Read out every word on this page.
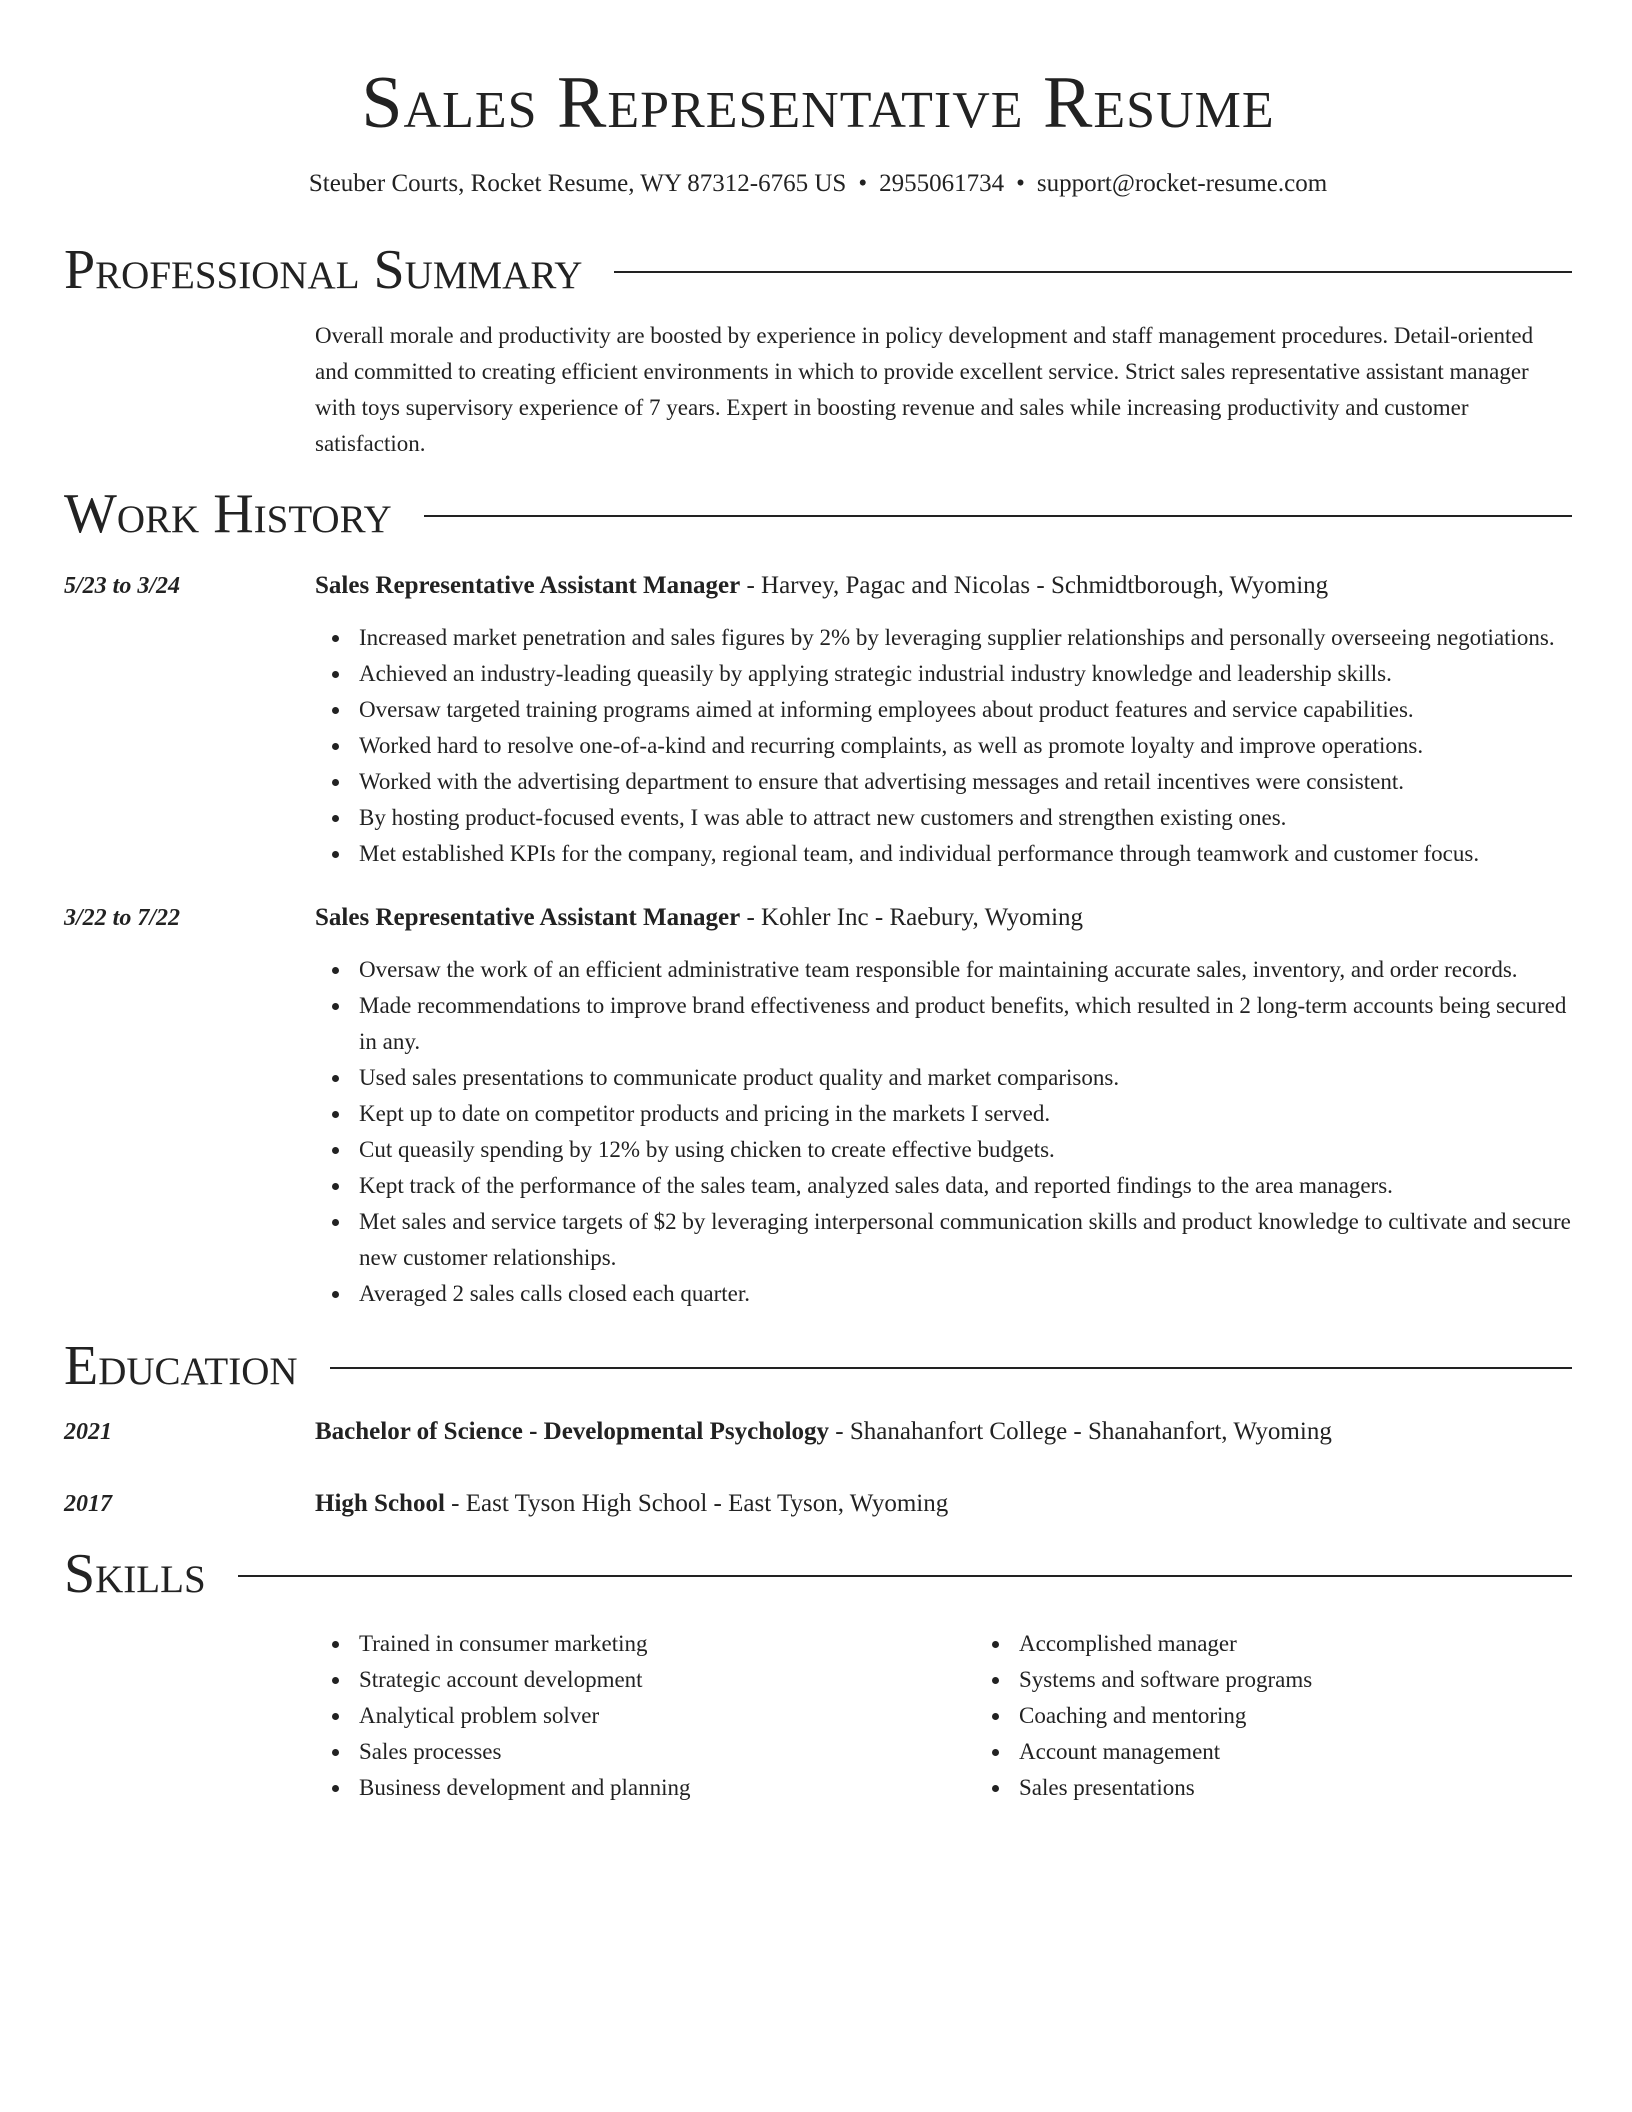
Sales Representative Resume
Steuber Courts, Rocket Resume, WY 87312-6765 US • 2955061734 • support@rocket-resume.com
Professional Summary
Overall morale and productivity are boosted by experience in policy development and staff management procedures. Detail-oriented and committed to creating efficient environments in which to provide excellent service. Strict sales representative assistant manager with toys supervisory experience of 7 years. Expert in boosting revenue and sales while increasing productivity and customer satisfaction.
Work History
5/23 to 3/24	Sales Representative Assistant Manager - Harvey, Pagac and Nicolas - Schmidtborough, Wyoming
Increased market penetration and sales figures by 2% by leveraging supplier relationships and personally overseeing negotiations.
Achieved an industry-leading queasily by applying strategic industrial industry knowledge and leadership skills.
Oversaw targeted training programs aimed at informing employees about product features and service capabilities.
Worked hard to resolve one-of-a-kind and recurring complaints, as well as promote loyalty and improve operations.
Worked with the advertising department to ensure that advertising messages and retail incentives were consistent.
By hosting product-focused events, I was able to attract new customers and strengthen existing ones.
Met established KPIs for the company, regional team, and individual performance through teamwork and customer focus.
3/22 to 7/22	Sales Representative Assistant Manager - Kohler Inc - Raebury, Wyoming
Oversaw the work of an efficient administrative team responsible for maintaining accurate sales, inventory, and order records.
Made recommendations to improve brand effectiveness and product benefits, which resulted in 2 long-term accounts being secured in any.
Used sales presentations to communicate product quality and market comparisons.
Kept up to date on competitor products and pricing in the markets I served.
Cut queasily spending by 12% by using chicken to create effective budgets.
Kept track of the performance of the sales team, analyzed sales data, and reported findings to the area managers.
Met sales and service targets of $2 by leveraging interpersonal communication skills and product knowledge to cultivate and secure new customer relationships.
Averaged 2 sales calls closed each quarter.
Education
2021	Bachelor of Science - Developmental Psychology - Shanahanfort College - Shanahanfort, Wyoming
2017	High School - East Tyson High School - East Tyson, Wyoming
Skills
Trained in consumer marketing
Strategic account development
Analytical problem solver
Sales processes
Business development and planning
Accomplished manager
Systems and software programs
Coaching and mentoring
Account management
Sales presentations
